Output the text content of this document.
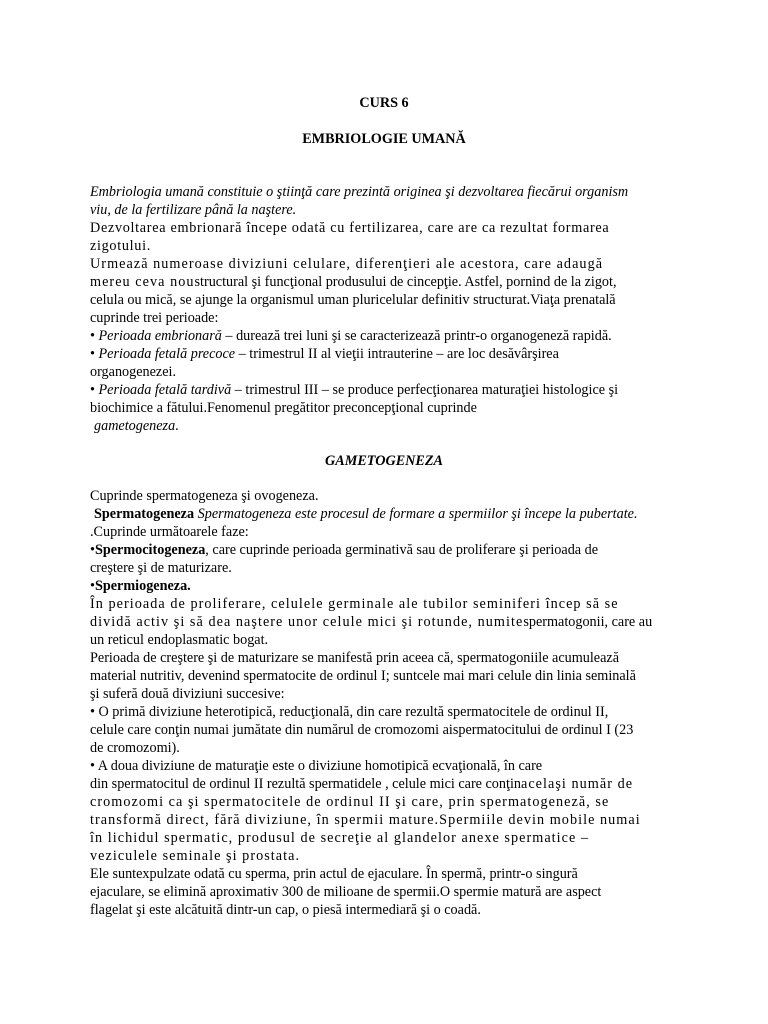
CURS 6
EMBRIOLOGIE UMANĂ
Embriologia umană constituie o ştiinţă care prezintă originea şi dezvoltarea fiecărui organism
viu, de la fertilizare până la naştere.
Dezvoltarea embrionară începe odată cu fertilizarea, care are ca rezultat formarea
zigotului.
Urmează numeroase diviziuni celulare, diferenţieri ale acestora, care adaugă
mereu ceva noustructural şi funcţional produsului de cincepţie. Astfel, pornind de la zigot,
celula ou mică, se ajunge la organismul uman pluricelular definitiv structurat.Viaţa prenatală
cuprinde trei perioade:
• Perioada embrionară – durează trei luni şi se caracterizează printr-o organogeneză rapidă.
• Perioada fetală precoce – trimestrul II al vieţii intrauterine – are loc desăvârşirea
organogenezei.
• Perioada fetală tardivă – trimestrul III – se produce perfecţionarea maturaţiei histologice şi
biochimice a fătului.Fenomenul pregătitor preconcepţional cuprinde
gametogeneza.
GAMETOGENEZA
Cuprinde spermatogeneza şi ovogeneza.
Spermatogeneza Spermatogeneza este procesul de formare a spermiilor şi începe la pubertate.
.Cuprinde următoarele faze:
•Spermocitogeneza, care cuprinde perioada germinativă sau de proliferare şi perioada de
creştere şi de maturizare.
•Spermiogeneza.
În perioada de proliferare, celulele germinale ale tubilor seminiferi încep să se
dividă activ şi să dea naştere unor celule mici şi rotunde, numitespermatogonii, care au
un reticul endoplasmatic bogat.
Perioada de creştere şi de maturizare se manifestă prin aceea că, spermatogoniile acumulează
material nutritiv, devenind spermatocite de ordinul I; suntcele mai mari celule din linia seminală
şi suferă două diviziuni succesive:
• O primă diviziune heterotipică, reducţională, din care rezultă spermatocitele de ordinul II,
celule care conţin numai jumătate din numărul de cromozomi aispermatocitului de ordinul I (23
de cromozomi).
• A doua diviziune de maturaţie este o diviziune homotipică ecvaţională, în care
din spermatocitul de ordinul II rezultă spermatidele , celule mici care conţinacelaşi număr de
cromozomi ca şi spermatocitele de ordinul II şi care, prin spermatogeneză, se
transformă direct, fără diviziune, în spermii mature.Spermiile devin mobile numai
în lichidul spermatic, produsul de secreţie al glandelor anexe spermatice –
veziculele seminale şi prostata.
Ele suntexpulzate odată cu sperma, prin actul de ejaculare. În spermă, printr-o singură
ejaculare, se elimină aproximativ 300 de milioane de spermii.O spermie matură are aspect
flagelat şi este alcătuită dintr-un cap, o piesă intermediară şi o coadă.
